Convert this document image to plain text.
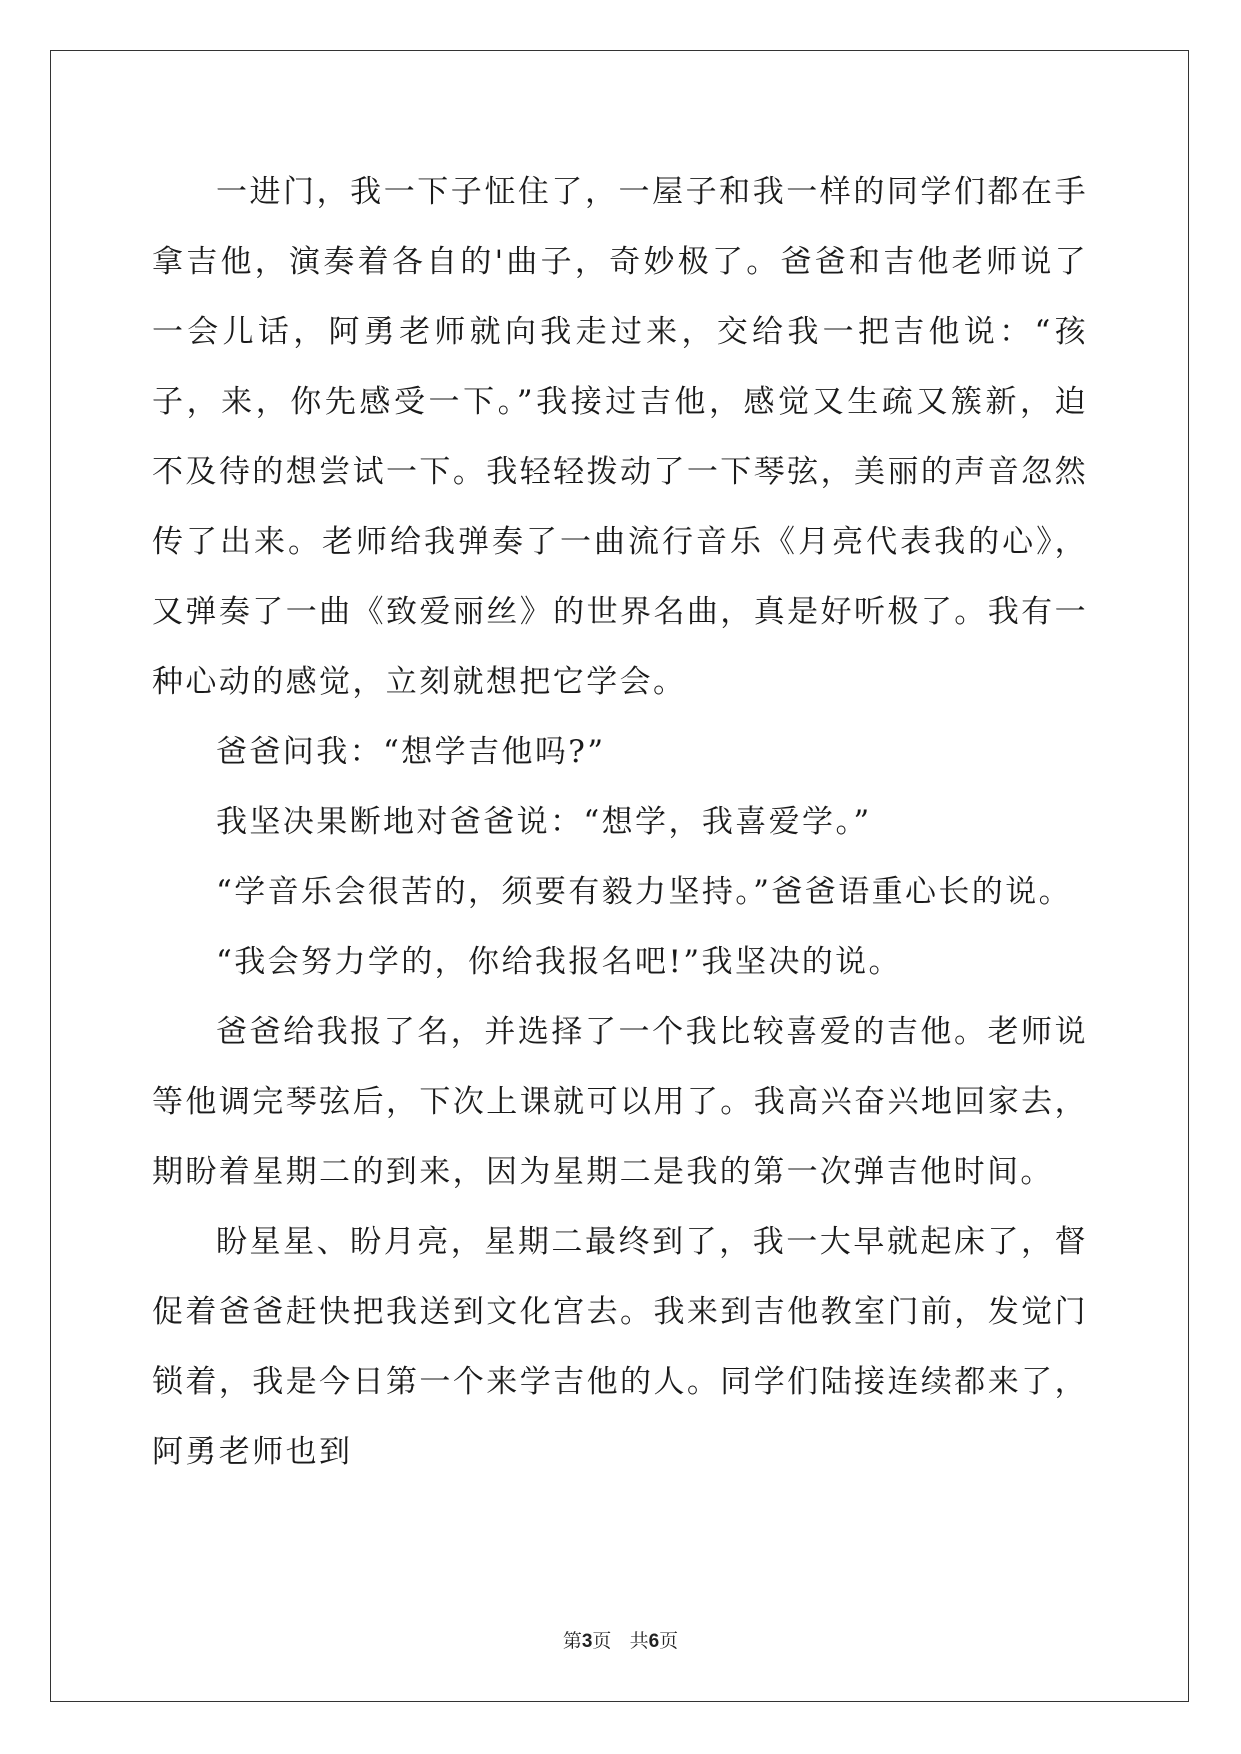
一进门，我一下子怔住了，一屋子和我一样的同学们都在手拿吉他，演奏着各自的'曲子，奇妙极了。爸爸和吉他老师说了一会儿话，阿勇老师就向我走过来，交给我一把吉他说：“孩子，来，你先感受一下。”我接过吉他，感觉又生疏又簇新，迫不及待的想尝试一下。我轻轻拨动了一下琴弦，美丽的声音忽然传了出来。老师给我弹奏了一曲流行音乐《月亮代表我的心》，又弹奏了一曲《致爱丽丝》的世界名曲，真是好听极了。我有一种心动的感觉，立刻就想把它学会。

爸爸问我：“想学吉他吗?”

我坚决果断地对爸爸说：“想学，我喜爱学。”

“学音乐会很苦的，须要有毅力坚持。”爸爸语重心长的说。

“我会努力学的，你给我报名吧!”我坚决的说。

爸爸给我报了名，并选择了一个我比较喜爱的吉他。老师说等他调完琴弦后，下次上课就可以用了。我高兴奋兴地回家去，期盼着星期二的到来，因为星期二是我的第一次弹吉他时间。

盼星星、盼月亮，星期二最终到了，我一大早就起床了，督促着爸爸赶快把我送到文化宫去。我来到吉他教室门前，发觉门锁着，我是今日第一个来学吉他的人。同学们陆接连续都来了，阿勇老师也到

第3页 共6页
